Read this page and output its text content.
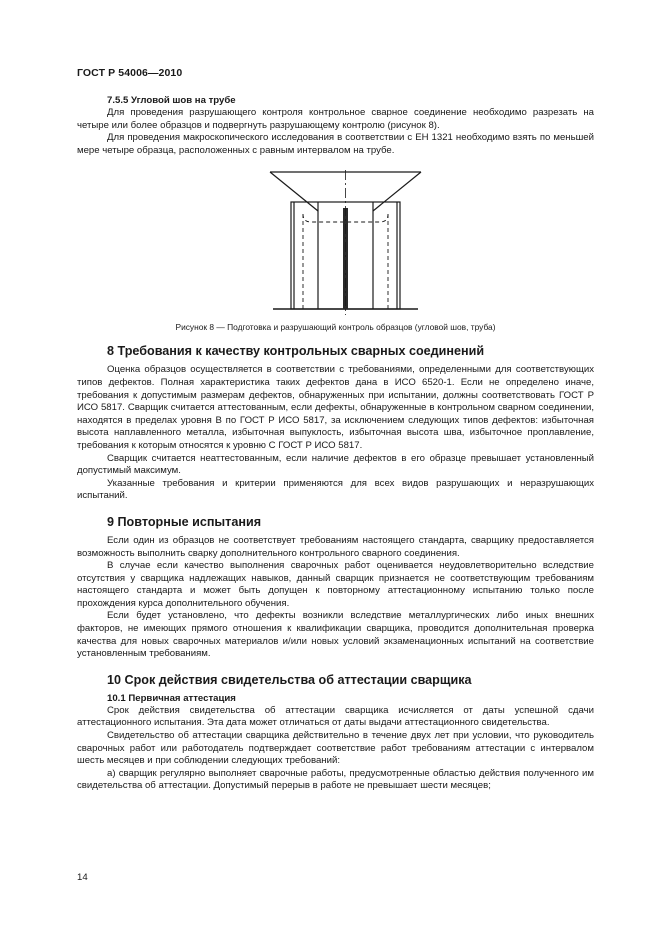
ГОСТ Р 54006—2010
7.5.5 Угловой шов на трубе

Для проведения разрушающего контроля контрольное сварное соединение необходимо разрезать на четыре или более образцов и подвергнуть разрушающему контролю (рисунок 8).

Для проведения макроскопического исследования в соответствии с ЕН 1321 необходимо взять по меньшей мере четыре образца, расположенных с равным интервалом на трубе.

Рисунок 8 — Подготовка и разрушающий контроль образцов (угловой шов, труба)
8 Требования к качеству контрольных сварных соединений

Оценка образцов осуществляется в соответствии с требованиями, определенными для соответствующих типов дефектов. Полная характеристика таких дефектов дана в ИСО 6520-1. Если не определено иначе, требования к допустимым размерам дефектов, обнаруженных при испытании, должны соответствовать ГОСТ Р ИСО 5817. Сварщик считается аттестованным, если дефекты, обнаруженные в контрольном сварном соединении, находятся в пределах уровня В по ГОСТ Р ИСО 5817, за исключением следующих типов дефектов: избыточная высота наплавленного металла, избыточная выпуклость, избыточная высота шва, избыточное проплавление, требования к которым относятся к уровню С ГОСТ Р ИСО 5817.

Сварщик считается неаттестованным, если наличие дефектов в его образце превышает установленный допустимый максимум.

Указанные требования и критерии применяются для всех видов разрушающих и неразрушающих испытаний.

9 Повторные испытания

Если один из образцов не соответствует требованиям настоящего стандарта, сварщику предоставляется возможность выполнить сварку дополнительного контрольного сварного соединения.

В случае если качество выполнения сварочных работ оценивается неудовлетворительно вследствие отсутствия у сварщика надлежащих навыков, данный сварщик признается не соответствующим требованиям настоящего стандарта и может быть допущен к повторному аттестационному испытанию только после прохождения курса дополнительного обучения.

Если будет установлено, что дефекты возникли вследствие металлургических либо иных внешних факторов, не имеющих прямого отношения к квалификации сварщика, проводится дополнительная проверка качества для новых сварочных материалов и/или новых условий экзаменационных испытаний на соответствие установленным требованиям.

10 Срок действия свидетельства об аттестации сварщика
10.1 Первичная аттестация

Срок действия свидетельства об аттестации сварщика исчисляется от даты успешной сдачи аттестационного испытания. Эта дата может отличаться от даты выдачи аттестационного свидетельства.

Свидетельство об аттестации сварщика действительно в течение двух лет при условии, что руководитель сварочных работ или работодатель подтверждает соответствие работ требованиям аттестации с интервалом шесть месяцев и при соблюдении следующих требований:

а) сварщик регулярно выполняет сварочные работы, предусмотренные областью действия полученного им свидетельства об аттестации. Допустимый перерыв в работе не превышает шести месяцев;

14
